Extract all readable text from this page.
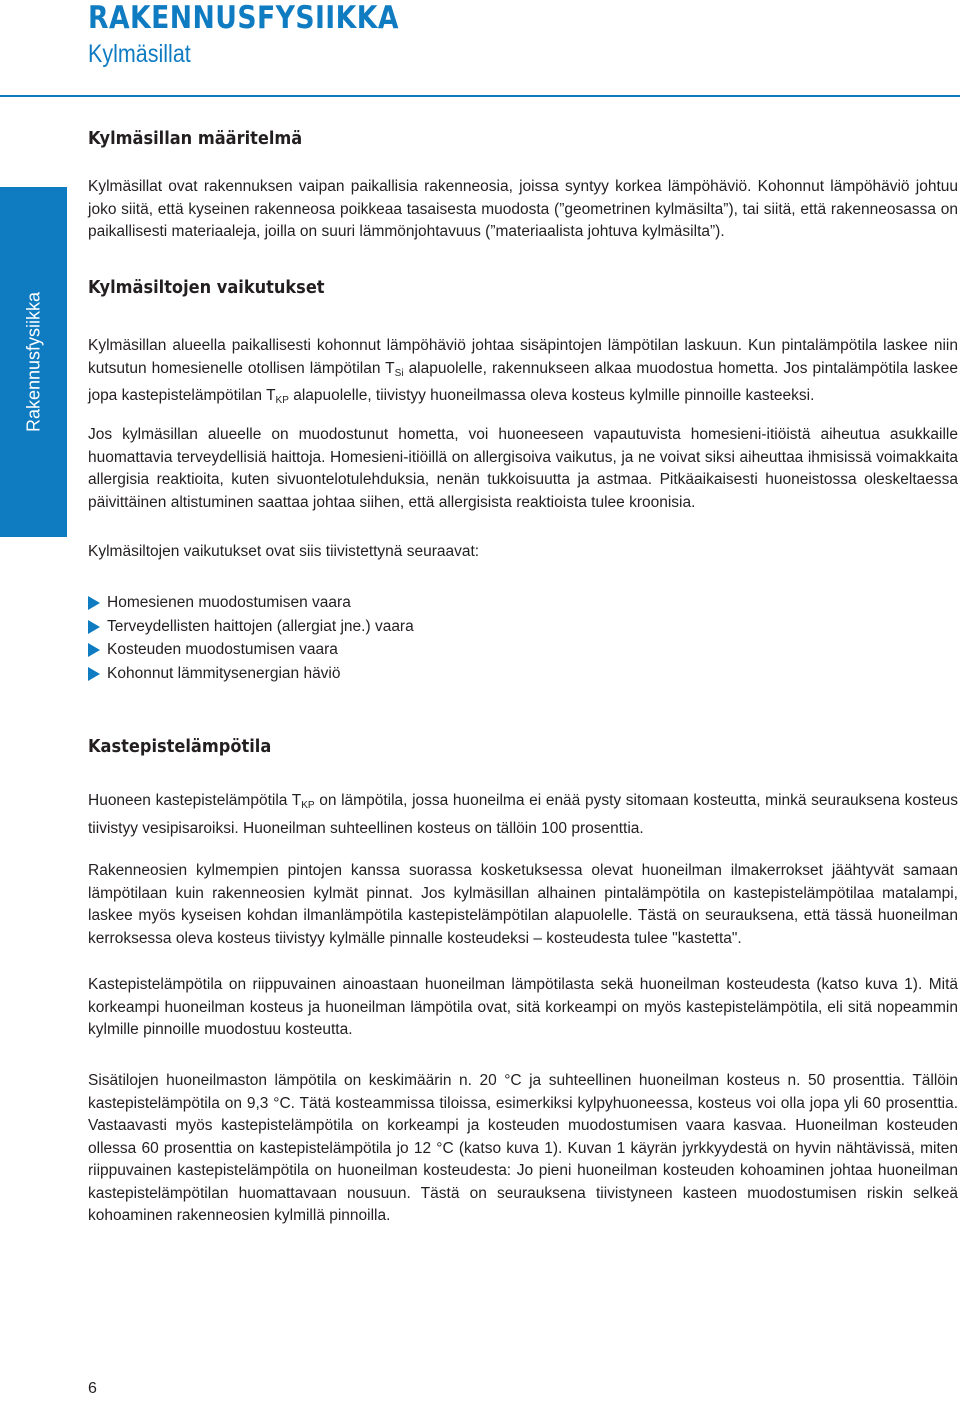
RAKENNUSFYSIIKKA
Kylmäsillat
Rakennusfysiikka
Kylmäsillan määritelmä

Kylmäsillat ovat rakennuksen vaipan paikallisia rakenneosia, joissa syntyy korkea lämpöhäviö. Kohonnut lämpöhäviö johtuu joko siitä, että kyseinen rakenneosa poikkeaa tasaisesta muodosta (”geometrinen kylmäsilta”), tai siitä, että rakenneosassa on paikallisesti materiaaleja, joilla on suuri lämmönjohtavuus (”materiaalista johtuva kylmäsilta”).

Kylmäsiltojen vaikutukset

Kylmäsillan alueella paikallisesti kohonnut lämpöhäviö johtaa sisäpintojen lämpötilan laskuun. Kun pintalämpötila laskee niin kutsutun homesienelle otollisen lämpötilan $T_{Si}$ alapuolelle, rakennukseen alkaa muodostua hometta. Jos pintalämpötila laskee jopa kastepistelämpötilan $T_{KP}$ alapuolelle, tiivistyy huoneilmassa oleva kosteus kylmille pinnoille kasteeksi.

Jos kylmäsillan alueelle on muodostunut hometta, voi huoneeseen vapautuvista homesieni-itiöistä aiheutua asukkaille huomattavia terveydellisiä haittoja. Homesieni-itiöillä on allergisoiva vaikutus, ja ne voivat siksi aiheuttaa ihmisissä voimakkaita allergisia reaktioita, kuten sivuontelotulehduksia, nenän tukkoisuutta ja astmaa. Pitkäaikaisesti huoneistossa oleskeltaessa päivittäinen altistuminen saattaa johtaa siihen, että allergisista reaktioista tulee kroonisia.

Kylmäsiltojen vaikutukset ovat siis tiivistettynä seuraavat:

Homesienen muodostumisen vaara
Terveydellisten haittojen (allergiat jne.) vaara
Kosteuden muodostumisen vaara
Kohonnut lämmitysenergian häviö
Kastepistelämpötila

Huoneen kastepistelämpötila $T_{KP}$ on lämpötila, jossa huoneilma ei enää pysty sitomaan kosteutta, minkä seurauksena kosteus tiivistyy vesipisaroiksi. Huoneilman suhteellinen kosteus on tällöin 100 prosenttia.

Rakenneosien kylmempien pintojen kanssa suorassa kosketuksessa olevat huoneilman ilmakerrokset jäähtyvät samaan lämpötilaan kuin rakenneosien kylmät pinnat. Jos kylmäsillan alhainen pintalämpötila on kastepistelämpötilaa matalampi, laskee myös kyseisen kohdan ilmanlämpötila kastepistelämpötilan alapuolelle. Tästä on seurauksena, että tässä huoneilman kerroksessa oleva kosteus tiivistyy kylmälle pinnalle kosteudeksi – kosteudesta tulee "kastetta".

Kastepistelämpötila on riippuvainen ainoastaan huoneilman lämpötilasta sekä huoneilman kosteudesta (katso kuva 1). Mitä korkeampi huoneilman kosteus ja huoneilman lämpötila ovat, sitä korkeampi on myös kastepistelämpötila, eli sitä nopeammin kylmille pinnoille muodostuu kosteutta.

Sisätilojen huoneilmaston lämpötila on keskimäärin n. 20 °C ja suhteellinen huoneilman kosteus n. 50 prosenttia. Tällöin kastepistelämpötila on 9,3 °C. Tätä kosteammissa tiloissa, esimerkiksi kylpyhuoneessa, kosteus voi olla jopa yli 60 prosenttia. Vastaavasti myös kastepistelämpötila on korkeampi ja kosteuden muodostumisen vaara kasvaa. Huoneilman kosteuden ollessa 60 prosenttia on kastepistelämpötila jo 12 °C (katso kuva 1). Kuvan 1 käyrän jyrkkyydestä on hyvin nähtävissä, miten riippuvainen kastepistelämpötila on huoneilman kosteudesta: Jo pieni huoneilman kosteuden kohoaminen johtaa huoneilman kastepistelämpötilan huomattavaan nousuun. Tästä on seurauksena tiivistyneen kasteen muodostumisen riskin selkeä kohoaminen rakenneosien kylmillä pinnoilla.

6
